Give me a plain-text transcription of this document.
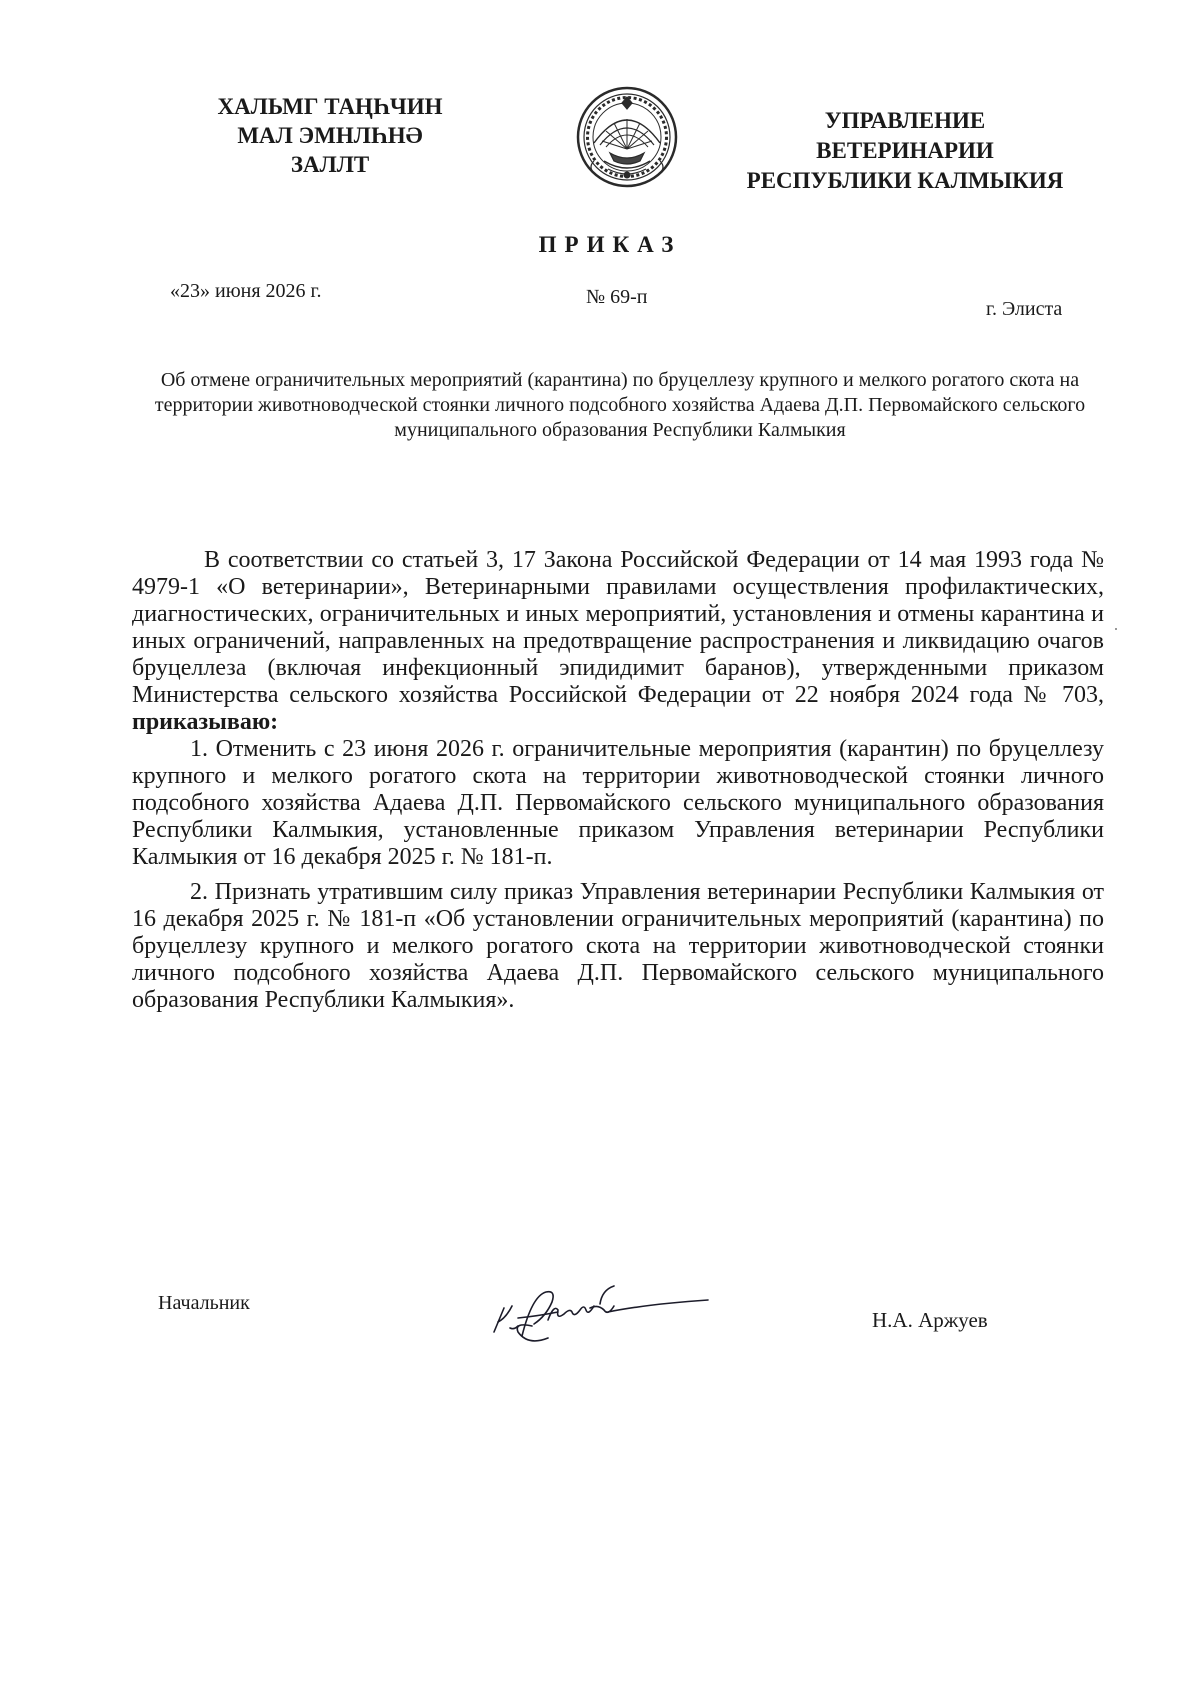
ХАЛЬМГ ТАҢҺЧИН
МАЛ ЭМНЛҺНӘ
ЗАЛЛТ
УПРАВЛЕНИЕ
ВЕТЕРИНАРИИ
РЕСПУБЛИКИ КАЛМЫКИЯ
ПРИКАЗ
«23» июня 2026 г.	№ 69-п
г. Элиста
Об отмене ограничительных мероприятий (карантина) по бруцеллезу крупного и мелкого рогатого скота на территории животноводческой стоянки личного подсобного хозяйства Адаева Д.П. Первомайского сельского муниципального образования Республики Калмыкия

В соответствии со статьей 3, 17 Закона Российской Федерации от 14 мая 1993 года № 4979-1 «О ветеринарии», Ветеринарными правилами осуществления профилактических, диагностических, ограничительных и иных мероприятий, установления и отмены карантина и иных ограничений, направленных на предотвращение распространения и ликвидацию очагов бруцеллеза (включая инфекционный эпидидимит баранов), утвержденными приказом Министерства сельского хозяйства Российской Федерации от 22 ноября 2024 года № 703, приказываю:

1. Отменить с 23 июня 2026 г. ограничительные мероприятия (карантин) по бруцеллезу крупного и мелкого рогатого скота на территории животноводческой стоянки личного подсобного хозяйства Адаева Д.П. Первомайского сельского муниципального образования Республики Калмыкия, установленные приказом Управления ветеринарии Республики Калмыкия от 16 декабря 2025 г. № 181-п.

2. Признать утратившим силу приказ Управления ветеринарии Республики Калмыкия от 16 декабря 2025 г. № 181-п «Об установлении ограничительных мероприятий (карантина) по бруцеллезу крупного и мелкого рогатого скота на территории животноводческой стоянки личного подсобного хозяйства Адаева Д.П. Первомайского сельского муниципального образования Республики Калмыкия».

Начальник
Н.А. Аржуев
